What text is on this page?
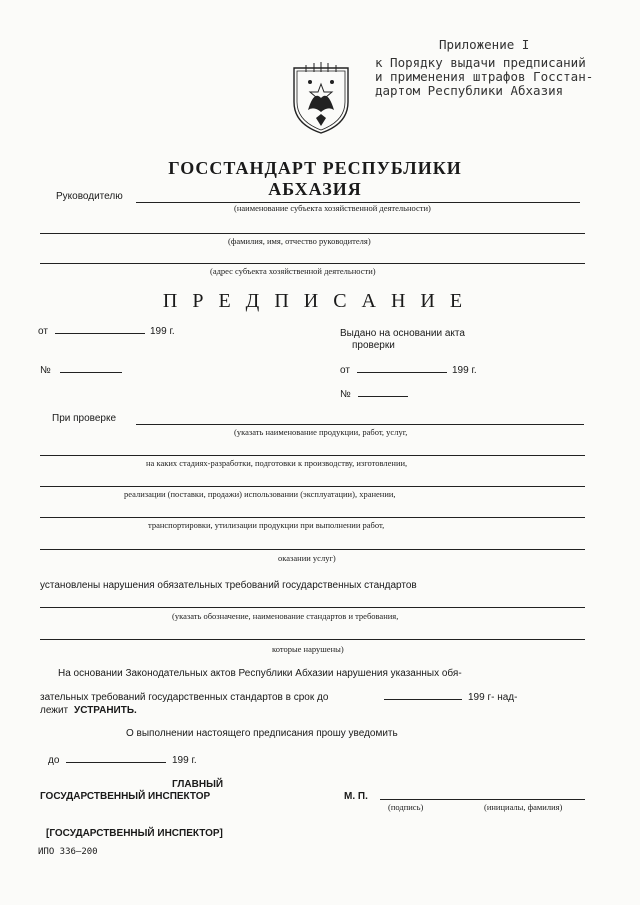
Приложение I
к Порядку выдачи предписаний
и применения штрафов Госстан-
дартом Республики Абхазия
ГОССТАНДАРТ РЕСПУБЛИКИ АБХАЗИЯ
Руководителю
(наименование субъекта хозяйственной деятельности)
(фамилия, имя, отчество руководителя)
(адрес субъекта хозяйственной деятельности)
П Р Е Д П И С А Н И Е
от	199 г.
№
Выдано на основании акта
проверки
от	199 г.
№
При проверке
(указать наименование продукции, работ, услуг,
на каких стадиях-разработки, подготовки к производству, изготовлении,
реализации (поставки, продажи) использовании (эксплуатации), хранении,
транспортировки, утилизации продукции при выполнении работ,
оказании услуг)
установлены нарушения обязательных требований государственных стандартов
(указать обозначение, наименование стандартов и требования,
которые нарушены)
На основании Законодательных актов Республики Абхазии нарушения указанных обя-
зательных требований государственных стандартов в срок до	199 г- над-
лежит УСТРАНИТЬ.
О выполнении настоящего предписания прошу уведомить
до	199 г.
ГЛАВНЫЙ
ГОСУДАРСТВЕННЫЙ ИНСПЕКТОР	М. П.
(подпись)	(инициалы, фамилия)
[ГОСУДАРСТВЕННЫЙ ИНСПЕКТОР]
ИПО 336—200
